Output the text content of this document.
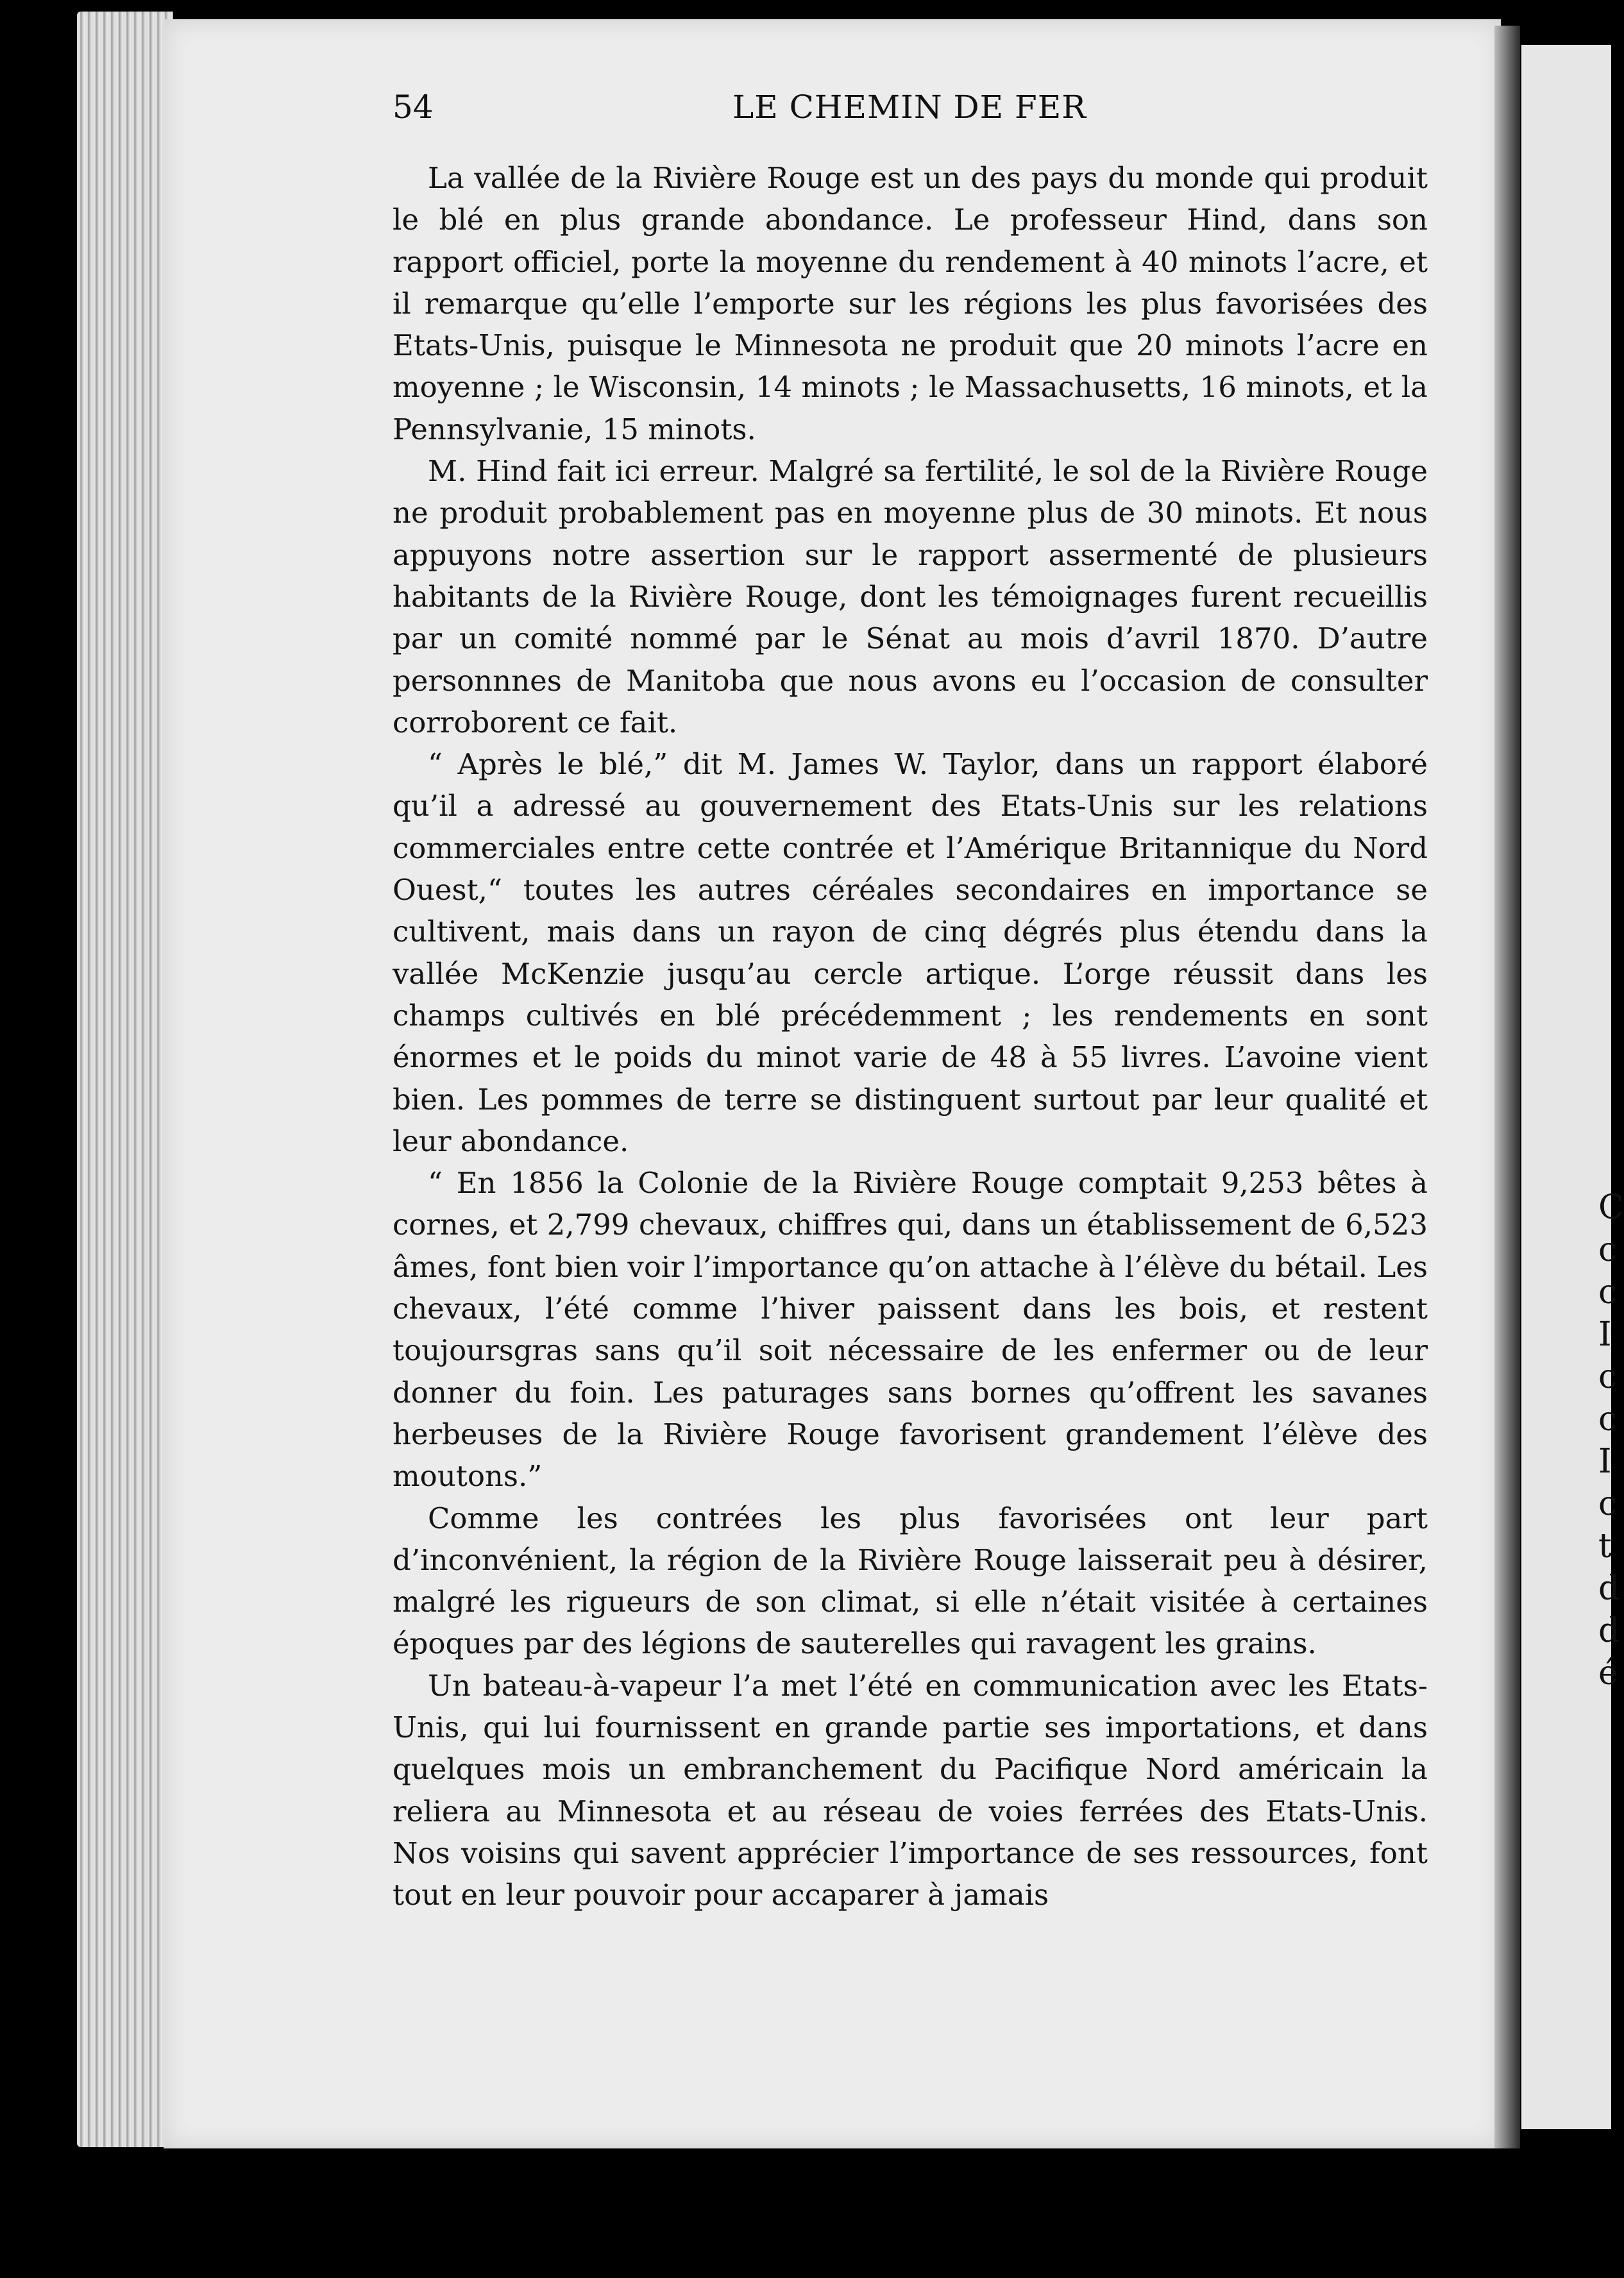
C
c
c
I
c
c
I
c
t
d
d
é
54	LE CHEMIN DE FER

La vallée de la Rivière Rouge est un des pays du monde qui produit le blé en plus grande abondance. Le professeur Hind, dans son rapport officiel, porte la moyenne du rendement à 40 minots l’acre, et il remarque qu’elle l’emporte sur les régions les plus favorisées des Etats-Unis, puisque le Minnesota ne produit que 20 minots l’acre en moyenne ; le Wisconsin, 14 minots ; le Massachusetts, 16 minots, et la Pennsylvanie, 15 minots.

M. Hind fait ici erreur. Malgré sa fertilité, le sol de la Rivière Rouge ne produit probablement pas en moyenne plus de 30 minots. Et nous appuyons notre assertion sur le rapport assermenté de plusieurs habitants de la Rivière Rouge, dont les témoignages furent recueillis par un comité nommé par le Sénat au mois d’avril 1870. D’autre personnnes de Manitoba que nous avons eu l’occasion de consulter corroborent ce fait.

“ Après le blé,” dit M. James W. Taylor, dans un rapport élaboré qu’il a adressé au gouvernement des Etats-Unis sur les relations commerciales entre cette contrée et l’Amérique Britannique du Nord Ouest,“ toutes les autres céréales secondaires en importance se cultivent, mais dans un rayon de cinq dégrés plus étendu dans la vallée McKenzie jusqu’au cercle artique. L’orge réussit dans les champs cultivés en blé précédemment ; les rendements en sont énormes et le poids du minot varie de 48 à 55 livres. L’avoine vient bien. Les pommes de terre se distinguent surtout par leur qualité et leur abondance.

“ En 1856 la Colonie de la Rivière Rouge comptait 9,253 bêtes à cornes, et 2,799 chevaux, chiffres qui, dans un établissement de 6,523 âmes, font bien voir l’importance qu’on attache à l’élève du bétail. Les chevaux, l’été comme l’hiver paissent dans les bois, et restent toujoursgras sans qu’il soit nécessaire de les enfermer ou de leur donner du foin. Les paturages sans bornes qu’offrent les savanes herbeuses de la Rivière Rouge favorisent grandement l’élève des moutons.”

Comme les contrées les plus favorisées ont leur part d’inconvénient, la région de la Rivière Rouge laisserait peu à désirer, malgré les rigueurs de son climat, si elle n’était visitée à certaines époques par des légions de sauterelles qui ravagent les grains.

Un bateau-à-vapeur l’a met l’été en communication avec les Etats-Unis, qui lui fournissent en grande partie ses importations, et dans quelques mois un embranchement du Pacifique Nord américain la reliera au Minnesota et au réseau de voies ferrées des Etats-Unis. Nos voisins qui savent apprécier l’importance de ses ressources, font tout en leur pouvoir pour accaparer à jamais
